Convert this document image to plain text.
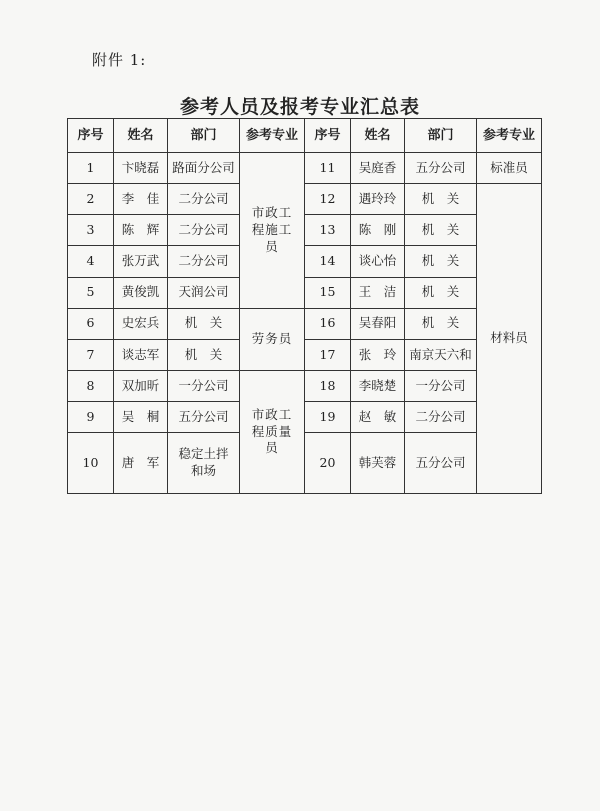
附件 1:
参考人员及报考专业汇总表
序号	姓名	部门	参考专业	序号	姓名	部门	参考专业
1	卞晓磊	路面分公司	市政工程施工员	11	吴庭香	五分公司	标准员
2	李　佳	二分公司		12	遇玲玲	机　关	材料员
3	陈　辉	二分公司		13	陈　刚	机　关	
4	张万武	二分公司		14	谈心怡	机　关	
5	黄俊凯	天润公司		15	王　洁	机　关	
6	史宏兵	机　关	劳务员	16	吴春阳	机　关	
7	谈志军	机　关		17	张　玲	南京天六和	
8	双加昕	一分公司	市政工程质量员	18	李晓楚	一分公司	
9	吴　桐	五分公司		19	赵　敏	二分公司	
10	唐　军	稳定土拌和场		20	韩芙蓉	五分公司	
